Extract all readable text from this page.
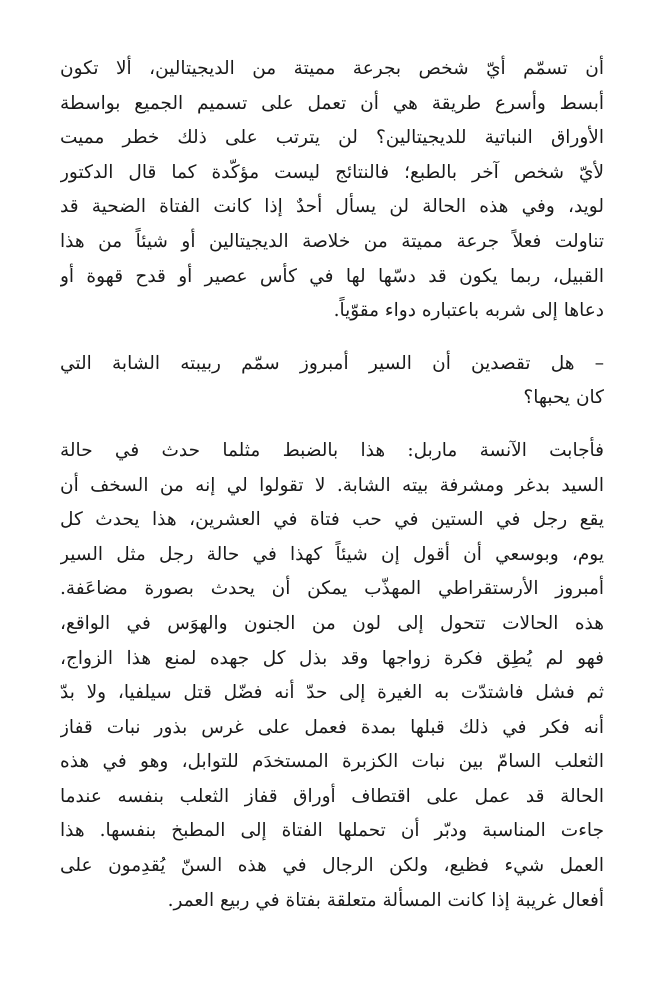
أن تسمّم أيّ شخص بجرعة مميتة من الديجيتالين، ألا تكون
أبسط وأسرع طريقة هي أن تعمل على تسميم الجميع بواسطة
الأوراق النباتية للديجيتالين؟ لن يترتب على ذلك خطر مميت
لأيّ شخص آخر بالطبع؛ فالنتائج ليست مؤكّدة كما قال الدكتور
لويد، وفي هذه الحالة لن يسأل أحدٌ إذا كانت الفتاة الضحية قد
تناولت فعلاً جرعة مميتة من خلاصة الديجيتالين أو شيئاً من هذا
القبيل، ربما يكون قد دسّها لها في كأس عصير أو قدح قهوة أو
دعاها إلى شربه باعتباره دواء مقوّياً.
– هل تقصدين أن السير أمبروز سمّم ربيبته الشابة التي
كان يحبها؟
فأجابت الآنسة ماربل: هذا بالضبط مثلما حدث في حالة
السيد بدغر ومشرفة بيته الشابة. لا تقولوا لي إنه من السخف أن
يقع رجل في الستين في حب فتاة في العشرين، هذا يحدث كل
يوم، وبوسعي أن أقول إن شيئاً كهذا في حالة رجل مثل السير
أمبروز الأرستقراطي المهذّب يمكن أن يحدث بصورة مضاعَفة.
هذه الحالات تتحول إلى لون من الجنون والهوَس في الواقع،
فهو لم يُطِق فكرة زواجها وقد بذل كل جهده لمنع هذا الزواج،
ثم فشل فاشتدّت به الغيرة إلى حدّ أنه فضّل قتل سيلفيا، ولا بدّ
أنه فكر في ذلك قبلها بمدة فعمل على غرس بذور نبات قفاز
الثعلب السامّ بين نبات الكزبرة المستخدَم للتوابل، وهو في هذه
الحالة قد عمل على اقتطاف أوراق قفاز الثعلب بنفسه عندما
جاءت المناسبة ودبّر أن تحملها الفتاة إلى المطبخ بنفسها. هذا
العمل شيء فظيع، ولكن الرجال في هذه السنّ يُقدِمون على
أفعال غريبة إذا كانت المسألة متعلقة بفتاة في ربيع العمر.
